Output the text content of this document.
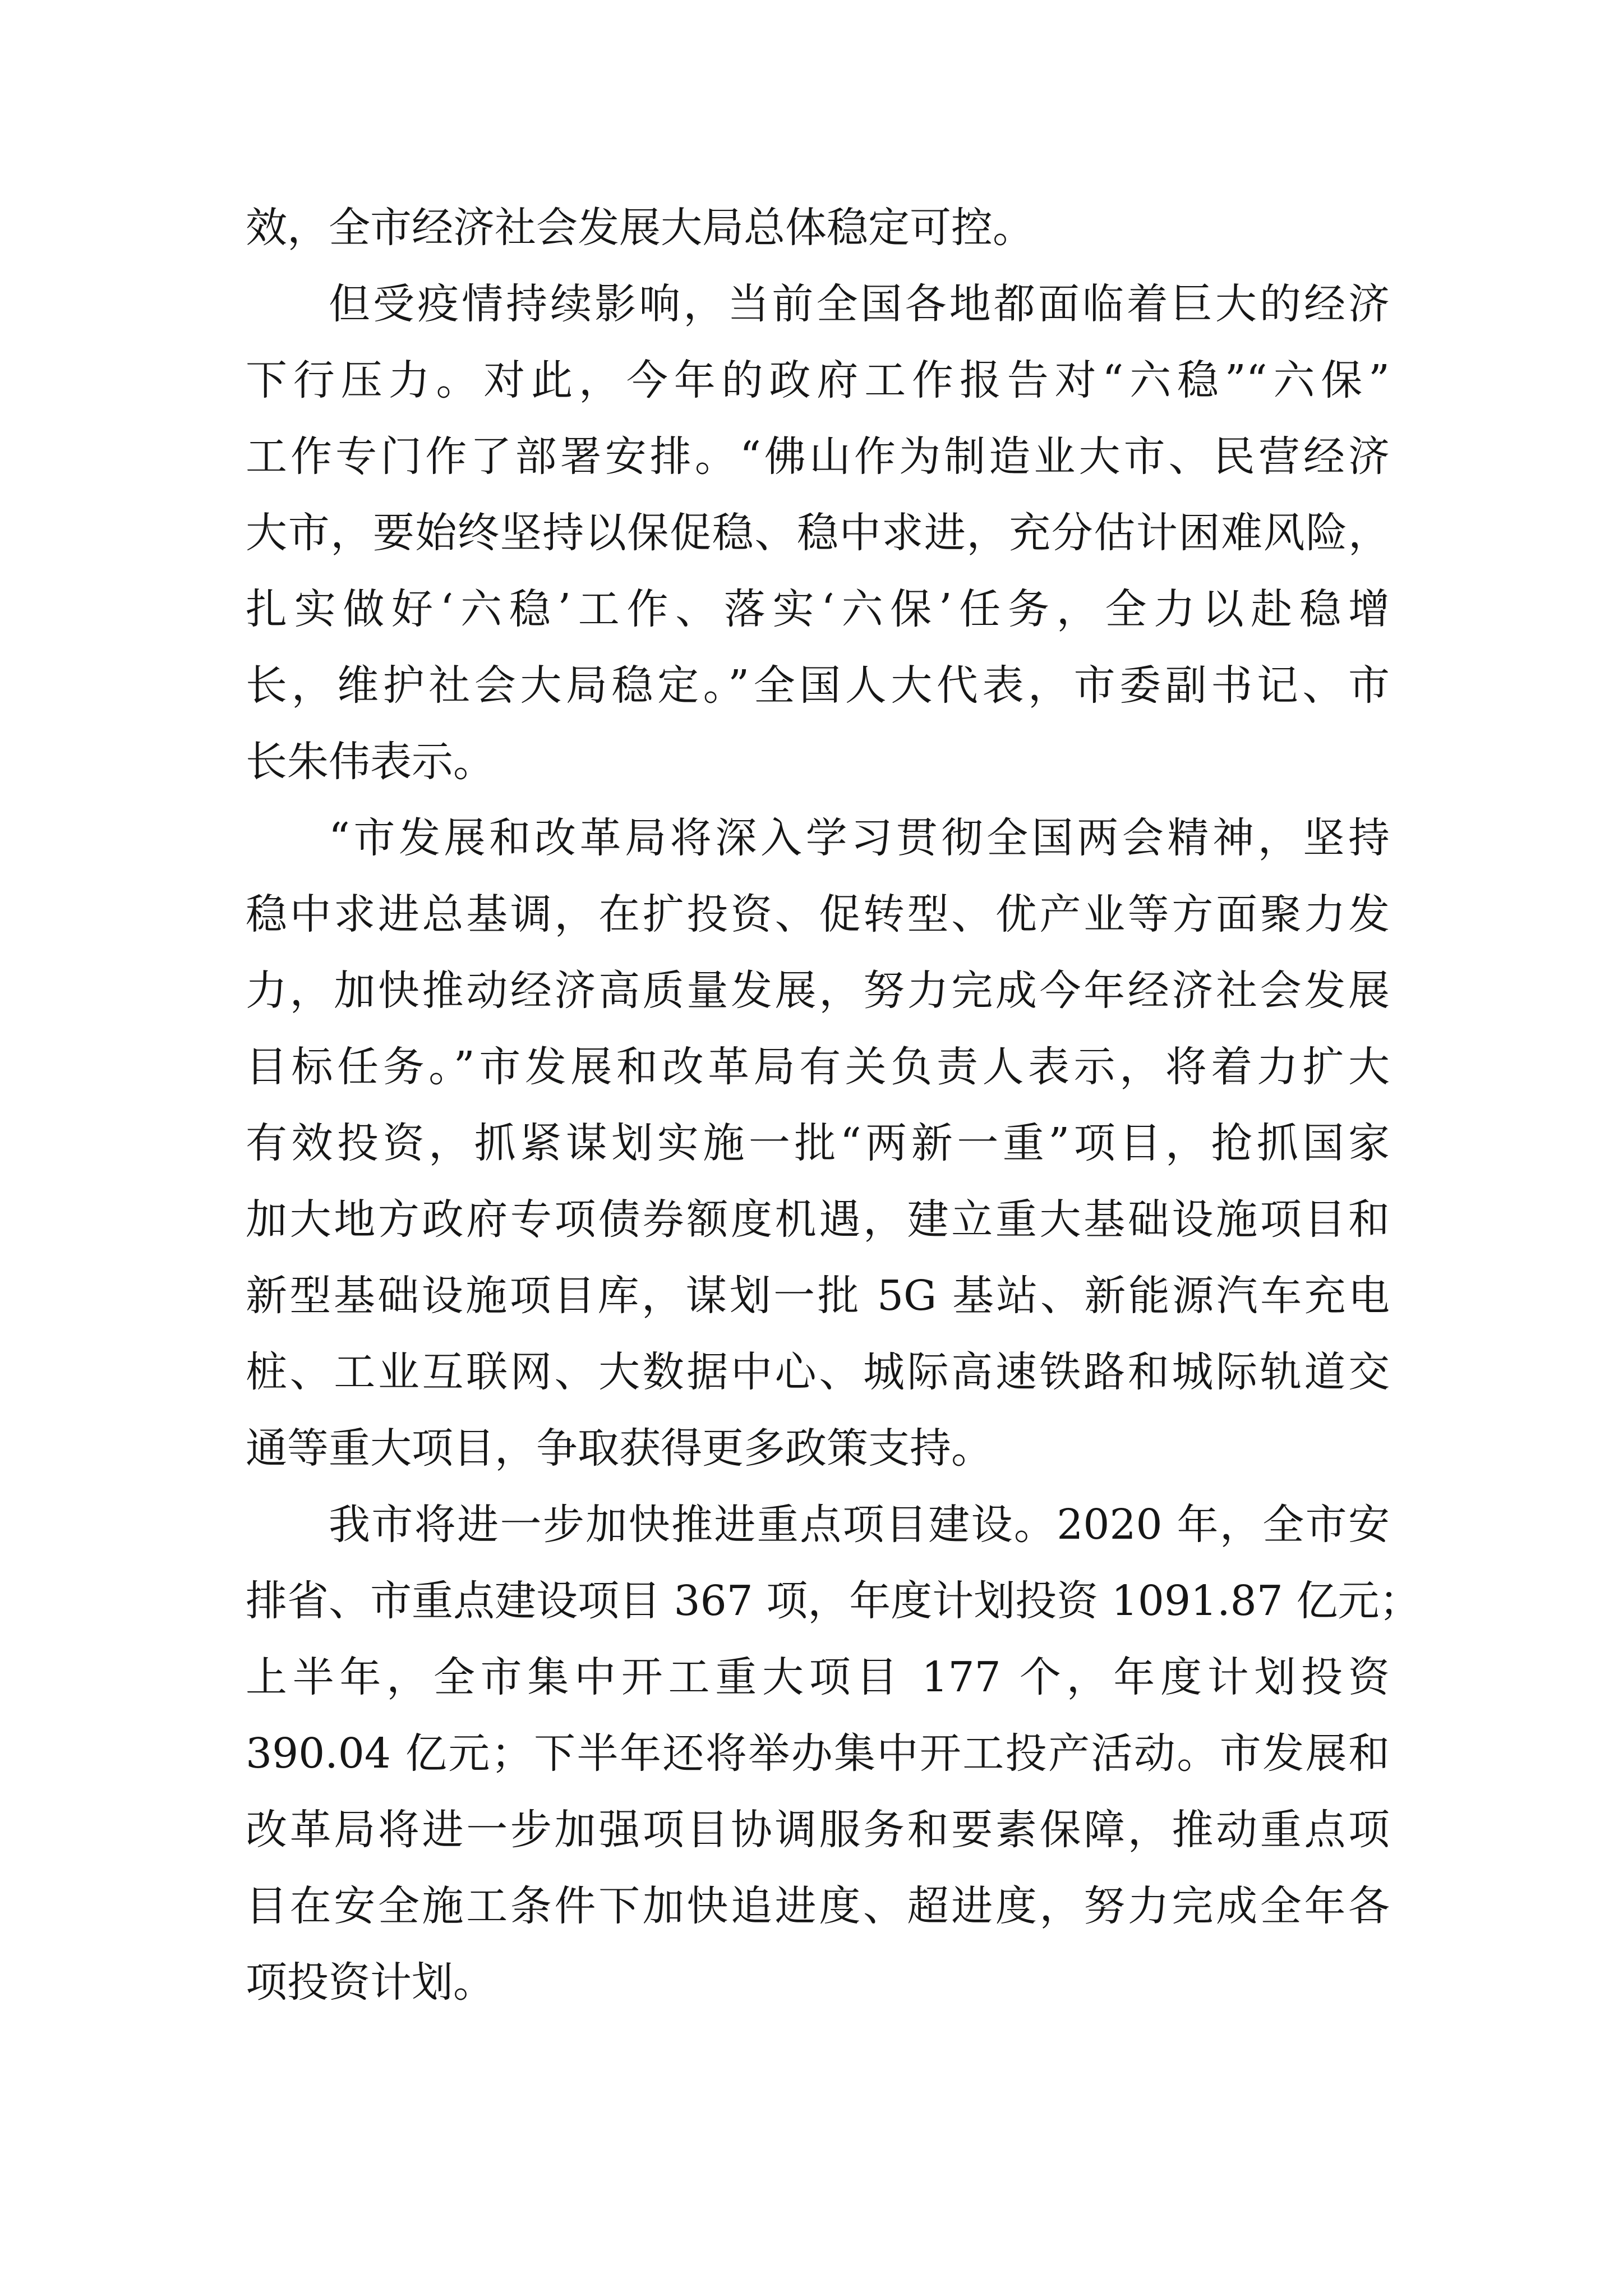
效，全市经济社会发展大局总体稳定可控。

但受疫情持续影响，当前全国各地都面临着巨大的经济

下行压力。对此，今年的政府工作报告对“六稳”“六保”

工作专门作了部署安排。“佛山作为制造业大市、民营经济

大市，要始终坚持以保促稳、稳中求进，充分估计困难风险，

扎实做好‘六稳’工作、落实‘六保’任务，全力以赴稳增

长，维护社会大局稳定。”全国人大代表，市委副书记、市

长朱伟表示。

“市发展和改革局将深入学习贯彻全国两会精神，坚持

稳中求进总基调，在扩投资、促转型、优产业等方面聚力发

力，加快推动经济高质量发展，努力完成今年经济社会发展

目标任务。”市发展和改革局有关负责人表示，将着力扩大

有效投资，抓紧谋划实施一批“两新一重”项目，抢抓国家

加大地方政府专项债券额度机遇，建立重大基础设施项目和

新型基础设施项目库，谋划一批 5G 基站、新能源汽车充电

桩、工业互联网、大数据中心、城际高速铁路和城际轨道交

通等重大项目，争取获得更多政策支持。

我市将进一步加快推进重点项目建设。2020 年，全市安

排省、市重点建设项目 367 项，年度计划投资 1091.87 亿元；

上半年，全市集中开工重大项目 177 个，年度计划投资

390.04 亿元；下半年还将举办集中开工投产活动。市发展和

改革局将进一步加强项目协调服务和要素保障，推动重点项

目在安全施工条件下加快追进度、超进度，努力完成全年各

项投资计划。
